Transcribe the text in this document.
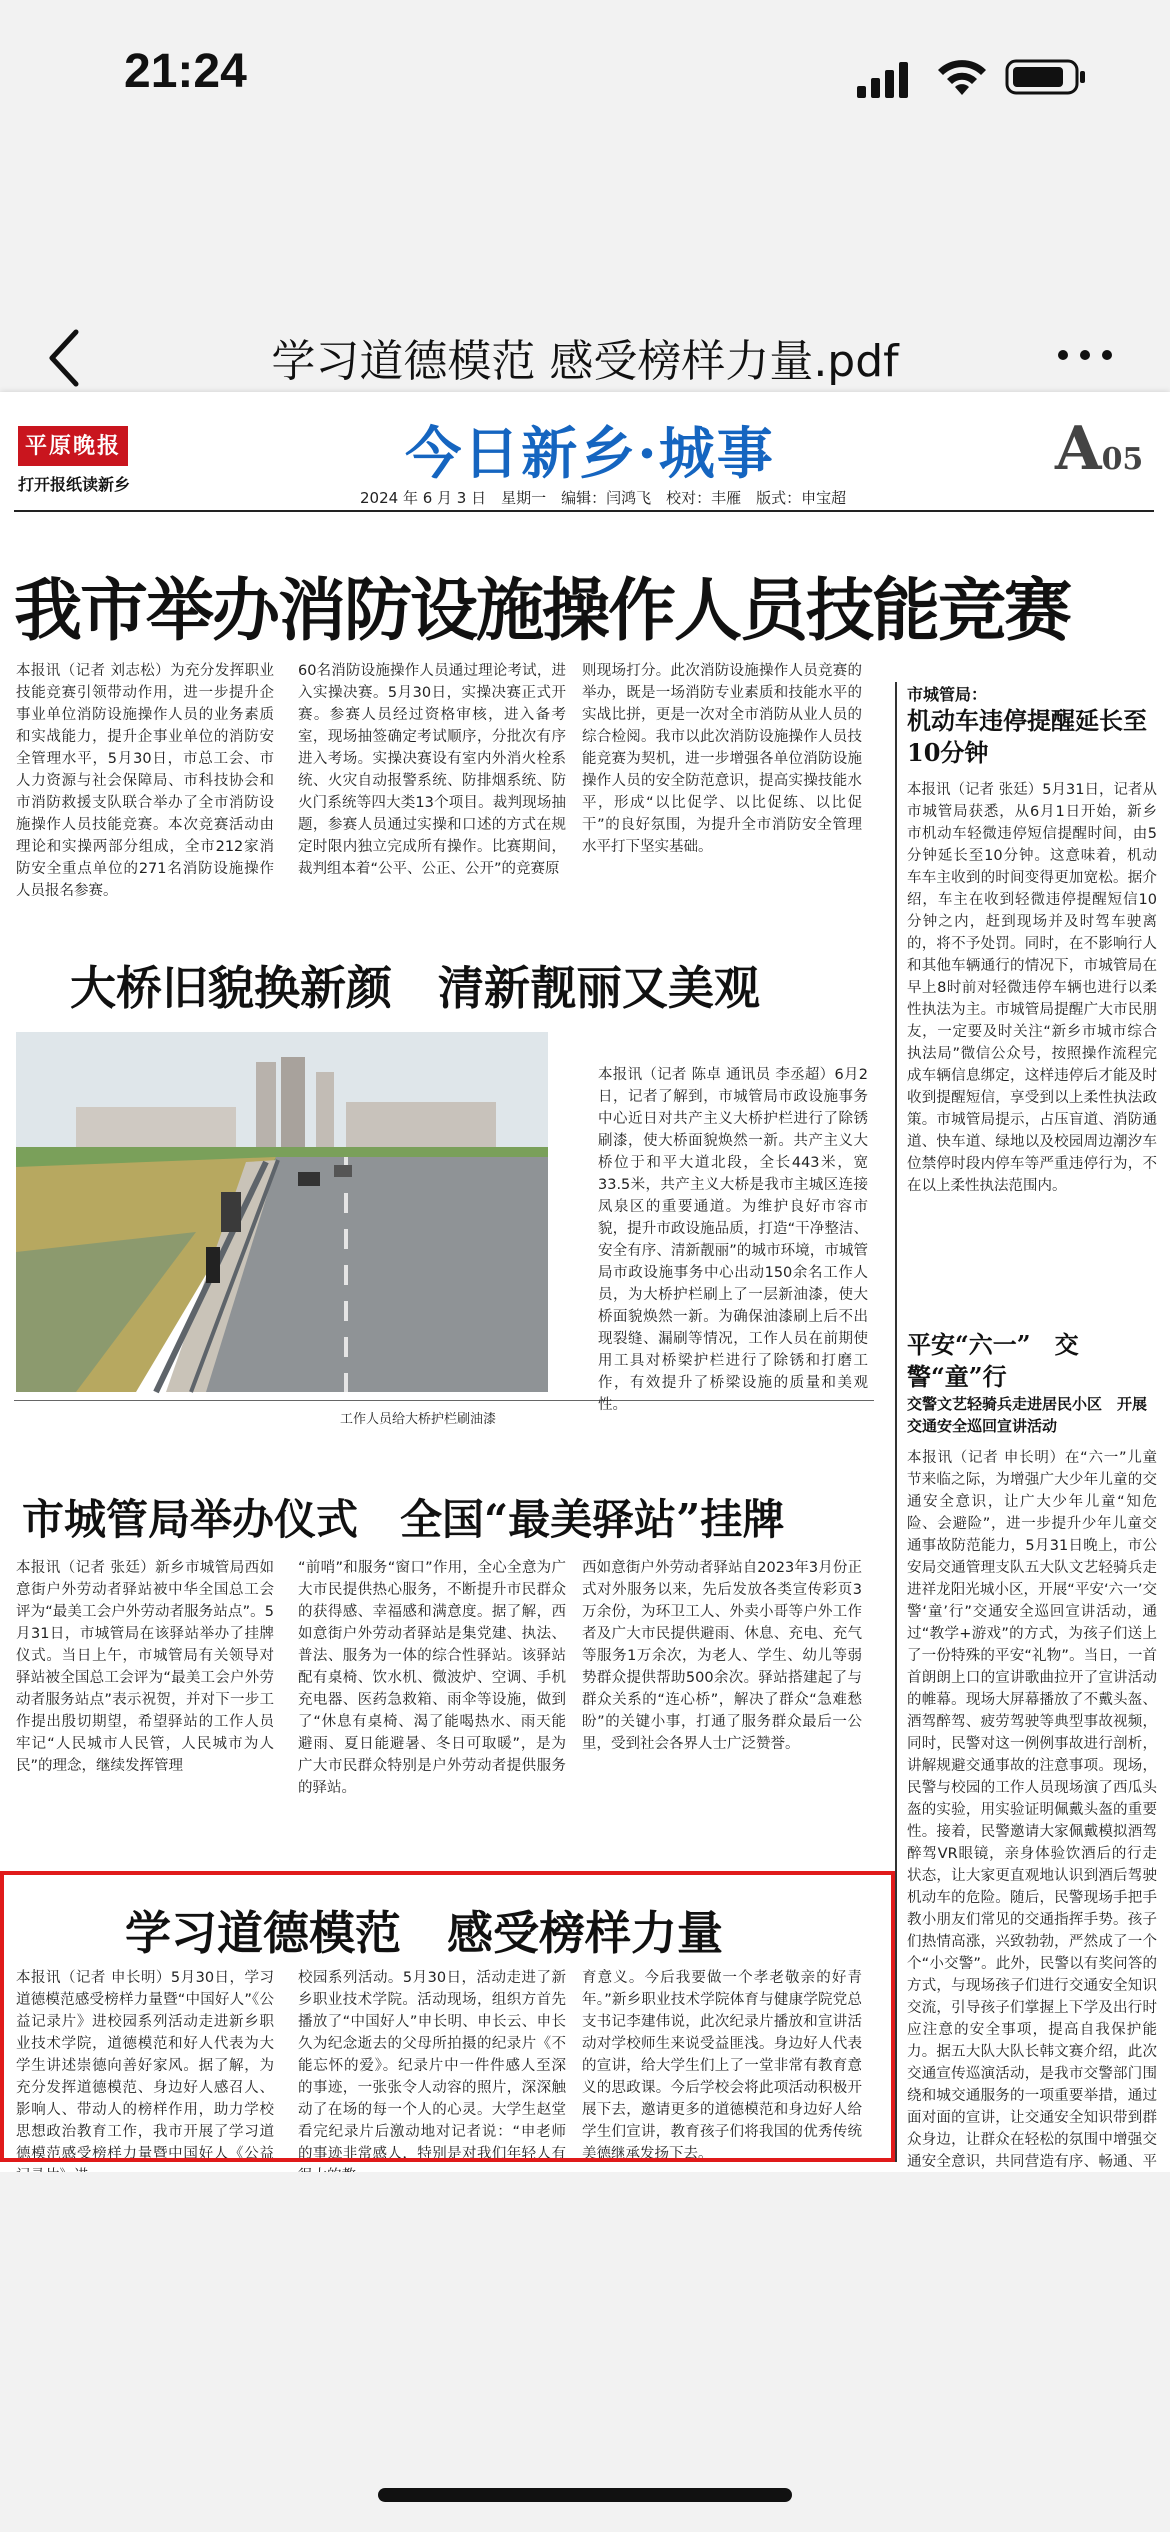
21:24
学习道德模范 感受榜样力量.pdf
平原晚报
打开报纸读新乡	今日新乡·城事	A05
2024 年 6 月 3 日　星期一　编辑：闫鸿飞　校对：丰雁　版式：申宝超
我市举办消防设施操作人员技能竞赛
本报讯（记者 刘志松）为充分发挥职业技能竞赛引领带动作用，进一步提升企事业单位消防设施操作人员的业务素质和实战能力，提升企事业单位的消防安全管理水平，5月30日，市总工会、市人力资源与社会保障局、市科技协会和市消防救援支队联合举办了全市消防设施操作人员技能竞赛。本次竞赛活动由理论和实操两部分组成，全市212家消防安全重点单位的271名消防设施操作人员报名参赛。
60名消防设施操作人员通过理论考试，进入实操决赛。5月30日，实操决赛正式开赛。参赛人员经过资格审核，进入备考室，现场抽签确定考试顺序，分批次有序进入考场。实操决赛设有室内外消火栓系统、火灾自动报警系统、防排烟系统、防火门系统等四大类13个项目。裁判现场抽题，参赛人员通过实操和口述的方式在规定时限内独立完成所有操作。比赛期间，裁判组本着“公平、公正、公开”的竞赛原
则现场打分。此次消防设施操作人员竞赛的举办，既是一场消防专业素质和技能水平的实战比拼，更是一次对全市消防从业人员的综合检阅。我市以此次消防设施操作人员技能竞赛为契机，进一步增强各单位消防设施操作人员的安全防范意识，提高实操技能水平，形成“以比促学、以比促练、以比促干”的良好氛围，为提升全市消防安全管理水平打下坚实基础。
大桥旧貌换新颜　清新靓丽又美观
工作人员给大桥护栏刷油漆
本报讯（记者 陈卓 通讯员 李丞超）6月2日，记者了解到，市城管局市政设施事务中心近日对共产主义大桥护栏进行了除锈刷漆，使大桥面貌焕然一新。共产主义大桥位于和平大道北段，全长443米，宽33.5米，共产主义大桥是我市主城区连接凤泉区的重要通道。为维护良好市容市貌，提升市政设施品质，打造“干净整洁、安全有序、清新靓丽”的城市环境，市城管局市政设施事务中心出动150余名工作人员，为大桥护栏刷上了一层新油漆，使大桥面貌焕然一新。为确保油漆刷上后不出现裂缝、漏刷等情况，工作人员在前期使用工具对桥梁护栏进行了除锈和打磨工作，有效提升了桥梁设施的质量和美观性。
市城管局举办仪式　全国“最美驿站”挂牌
本报讯（记者 张廷）新乡市城管局西如意街户外劳动者驿站被中华全国总工会评为“最美工会户外劳动者服务站点”。5月31日，市城管局在该驿站举办了挂牌仪式。当日上午，市城管局有关领导对驿站被全国总工会评为“最美工会户外劳动者服务站点”表示祝贺，并对下一步工作提出殷切期望，希望驿站的工作人员牢记“人民城市人民管，人民城市为人民”的理念，继续发挥管理
“前哨”和服务“窗口”作用，全心全意为广大市民提供热心服务，不断提升市民群众的获得感、幸福感和满意度。据了解，西如意街户外劳动者驿站是集党建、执法、普法、服务为一体的综合性驿站。该驿站配有桌椅、饮水机、微波炉、空调、手机充电器、医药急救箱、雨伞等设施，做到了“休息有桌椅、渴了能喝热水、雨天能避雨、夏日能避暑、冬日可取暖”，是为广大市民群众特别是户外劳动者提供服务的驿站。
西如意街户外劳动者驿站自2023年3月份正式对外服务以来，先后发放各类宣传彩页3万余份，为环卫工人、外卖小哥等户外工作者及广大市民提供避雨、休息、充电、充气等服务1万余次，为老人、学生、幼儿等弱势群众提供帮助500余次。驿站搭建起了与群众关系的“连心桥”，解决了群众“急难愁盼”的关键小事，打通了服务群众最后一公里，受到社会各界人士广泛赞誉。
学习道德模范　感受榜样力量
本报讯（记者 申长明）5月30日，学习道德模范感受榜样力量暨“中国好人”《公益记录片》进校园系列活动走进新乡职业技术学院，道德模范和好人代表为大学生讲述崇德向善好家风。据了解，为充分发挥道德模范、身边好人感召人、影响人、带动人的榜样作用，助力学校思想政治教育工作，我市开展了学习道德模范感受榜样力量暨中国好人《公益
校园系列活动。5月30日，活动走进了新乡职业技术学院。活动现场，组织方首先播放了“中国好人”申长明、申长云、申长久为纪念逝去的父母所拍摄的纪录片《不能忘怀的爱》。纪录片中一件件感人至深的事迹，一张张令人动容的照片，深深触动了在场的每一个人的心灵。大学生赵堂看完纪录片后激动地对记者说：“申老师的事迹非常感人，特别是对我们年轻人有
育意义。今后我要做一个孝老敬亲的好青年。”新乡职业技术学院体育与健康学院党总支书记李建伟说，此次纪录片播放和宣讲活动对学校师生来说受益匪浅。身边好人代表的宣讲，给大学生们上了一堂非常有教育意义的思政课。今后学校会将此项活动积极开展下去，邀请更多的道德模范和身边好人给学生们宣讲，教育孩子们将我国的优秀传统美德继承发扬下去。
市城管局：
机动车违停提醒延长至10分钟
本报讯（记者 张廷）5月31日，记者从市城管局获悉，从6月1日开始，新乡市机动车轻微违停短信提醒时间，由5分钟延长至10分钟。这意味着，机动车车主收到的时间变得更加宽松。据介绍，车主在收到轻微违停提醒短信10分钟之内，赶到现场并及时驾车驶离的，将不予处罚。同时，在不影响行人和其他车辆通行的情况下，市城管局在早上8时前对轻微违停车辆也进行以柔性执法为主。市城管局提醒广大市民朋友，一定要及时关注“新乡市城市综合执法局”微信公众号，按照操作流程完成车辆信息绑定，这样违停后才能及时收到提醒短信，享受到以上柔性执法政策。市城管局提示，占压盲道、消防通道、快车道、绿地以及校园周边潮汐车位禁停时段内停车等严重违停行为，不在以上柔性执法范围内。
平安“六一”　交警“童”行
交警文艺轻骑兵走进居民小区　开展交通安全巡回宣讲活动
本报讯（记者 申长明）在“六一”儿童节来临之际，为增强广大少年儿童的交通安全意识，让广大少年儿童“知危险、会避险”，进一步提升少年儿童交通事故防范能力，5月31日晚上，市公安局交通管理支队五大队文艺轻骑兵走进祥龙阳光城小区，开展“平安‘六一’交警‘童’行”交通安全巡回宣讲活动，通过“教学+游戏”的方式，为孩子们送上了一份特殊的平安“礼物”。当日，一首首朗朗上口的宣讲歌曲拉开了宣讲活动的帷幕。现场大屏幕播放了不戴头盔、酒驾醉驾、疲劳驾驶等典型事故视频，同时，民警对这一例例事故进行剖析，讲解规避交通事故的注意事项。现场，民警与校园的工作人员现场演了西瓜头盔的实验，用实验证明佩戴头盔的重要性。接着，民警邀请大家佩戴模拟酒驾醉驾VR眼镜，亲身体验饮酒后的行走状态，让大家更直观地认识到酒后驾驶机动车的危险。随后，民警现场手把手教小朋友们常见的交通指挥手势。孩子们热情高涨，兴致勃勃，严然成了一个个“小交警”。此外，民警以有奖问答的方式，与现场孩子们进行交通安全知识交流，引导孩子们掌握上下学及出行时应注意的安全事项，提高自我保护能力。据五大队大队长韩文赛介绍，此次交通宣传巡演活动，是我市交警部门围绕和城交通服务的一项重要举措，通过面对面的宣讲，让交通安全知识带到群众身边，让群众在轻松的氛围中增强交通安全意识，共同营造有序、畅通、平
